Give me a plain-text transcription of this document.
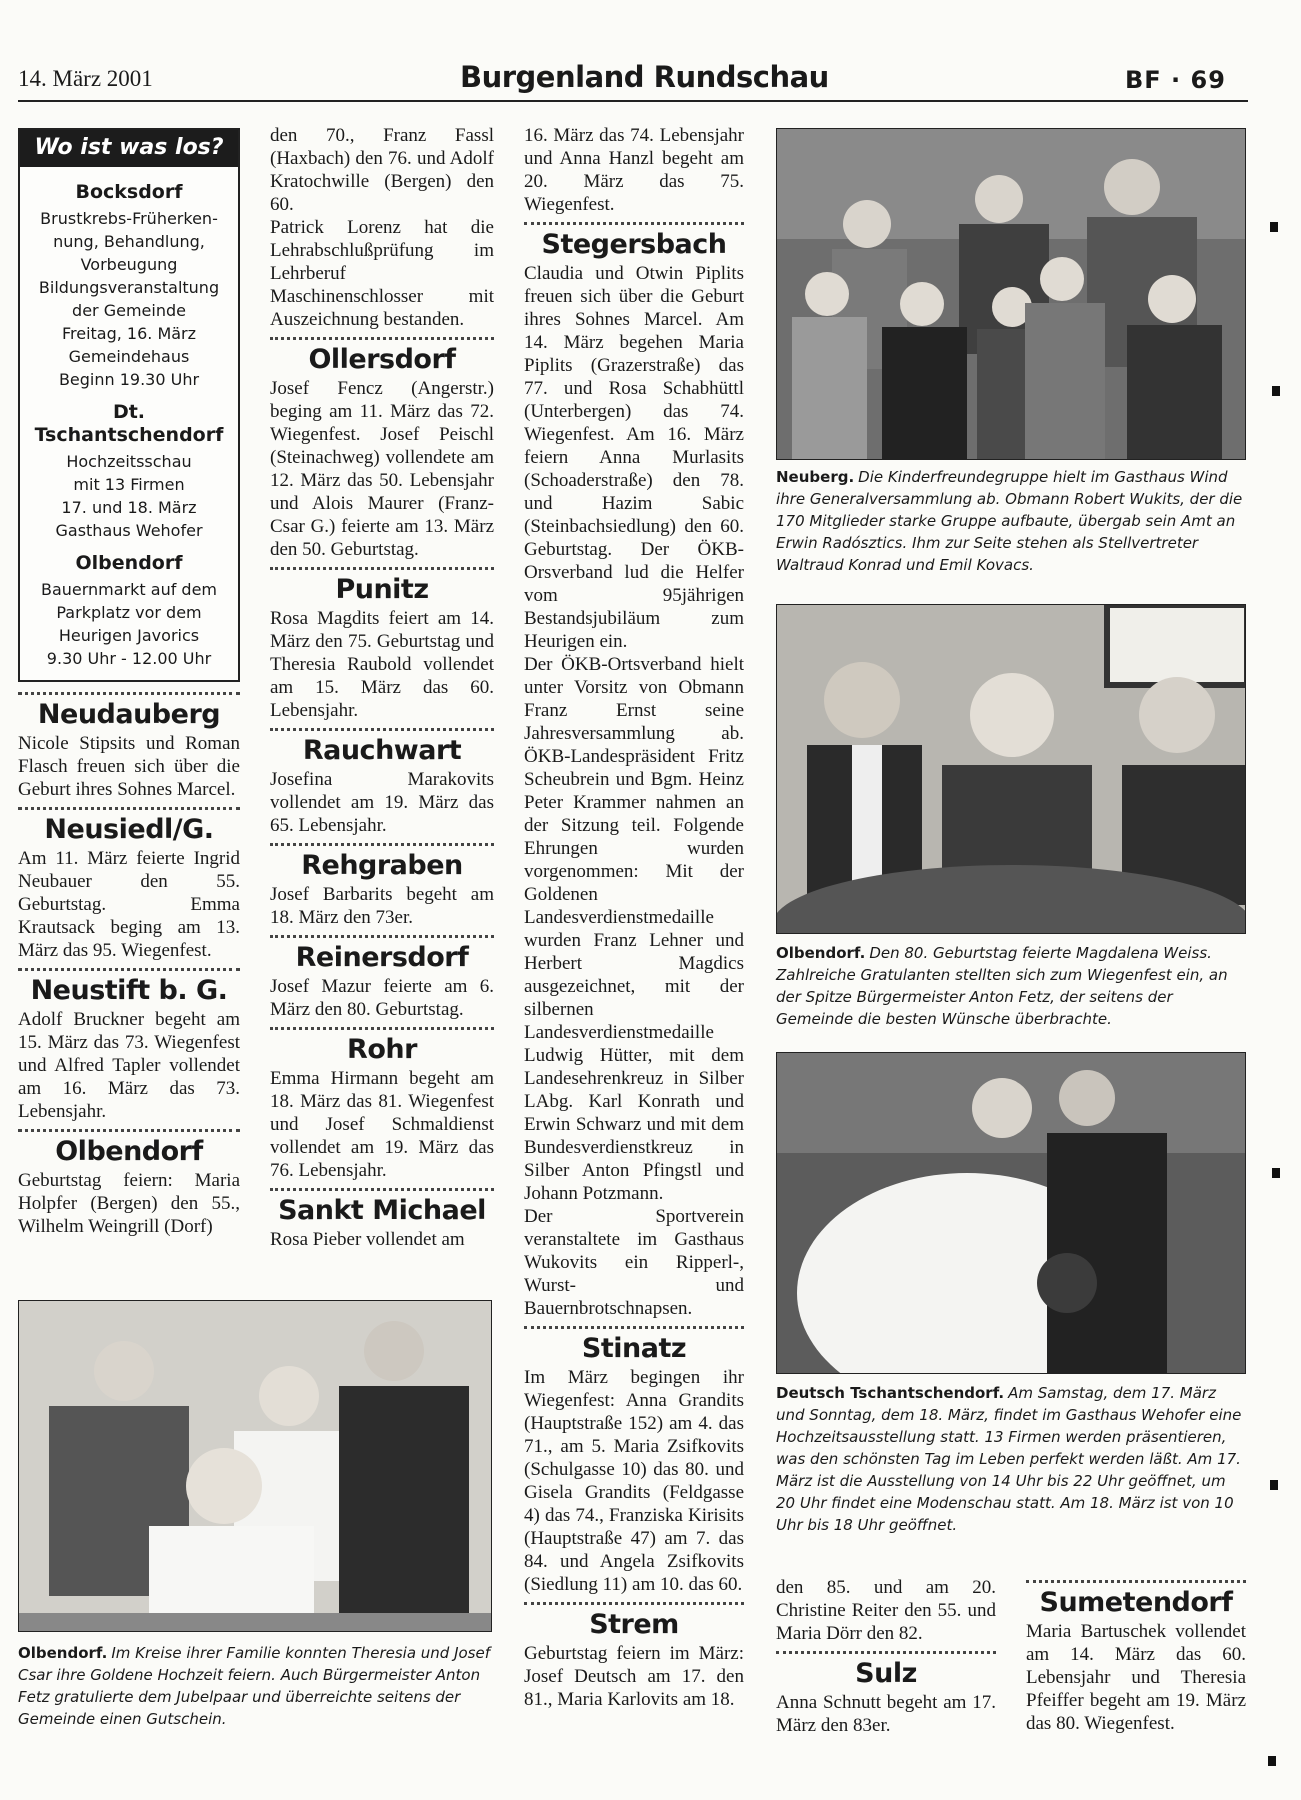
14. März 2001	Burgenland Rundschau	BF · 69
Wo ist was los?
Bocksdorf
Brustkrebs-Früherken-
nung, Behandlung,
Vorbeugung
Bildungsveranstaltung
der Gemeinde
Freitag, 16. März
Gemeindehaus
Beginn 19.30 Uhr
Dt. Tschantschendorf
Hochzeitsschau
mit 13 Firmen
17. und 18. März
Gasthaus Wehofer
Olbendorf
Bauernmarkt auf dem
Parkplatz vor dem
Heurigen Javorics
9.30 Uhr - 12.00 Uhr
Neudauberg

Nicole Stipsits und Roman Flasch freuen sich über die Geburt ihres Sohnes Marcel.

Neusiedl/G.

Am 11. März feierte Ingrid Neubauer den 55. Geburtstag. Emma Krautsack beging am 13. März das 95. Wiegenfest.

Neustift b. G.

Adolf Bruckner begeht am 15. März das 73. Wiegenfest und Alfred Tapler vollendet am 16. März das 73. Lebensjahr.

Olbendorf

Geburtstag feiern: Maria Holpfer (Bergen) den 55., Wilhelm Weingrill (Dorf)

den 70., Franz Fassl (Haxbach) den 76. und Adolf Kratochwille (Bergen) den 60.

Patrick Lorenz hat die Lehrabschlußprüfung im Lehrberuf Maschinenschlosser mit Auszeichnung bestanden.

Ollersdorf

Josef Fencz (Angerstr.) beging am 11. März das 72. Wiegenfest. Josef Peischl (Steinachweg) vollendete am 12. März das 50. Lebensjahr und Alois Maurer (Franz-Csar G.) feierte am 13. März den 50. Geburtstag.

Punitz

Rosa Magdits feiert am 14. März den 75. Geburtstag und Theresia Raubold vollendet am 15. März das 60. Lebensjahr.

Rauchwart

Josefina Marakovits vollendet am 19. März das 65. Lebensjahr.

Rehgraben

Josef Barbarits begeht am 18. März den 73er.

Reinersdorf

Josef Mazur feierte am 6. März den 80. Geburtstag.

Rohr

Emma Hirmann begeht am 18. März das 81. Wiegenfest und Josef Schmaldienst vollendet am 19. März das 76. Lebensjahr.

Sankt Michael

Rosa Pieber vollendet am

16. März das 74. Lebensjahr und Anna Hanzl begeht am 20. März das 75. Wiegenfest.

Stegersbach

Claudia und Otwin Piplits freuen sich über die Geburt ihres Sohnes Marcel. Am 14. März begehen Maria Piplits (Grazerstraße) das 77. und Rosa Schabhüttl (Unterbergen) das 74. Wiegenfest. Am 16. März feiern Anna Murlasits (Schoaderstraße) den 78. und Hazim Sabic (Steinbachsiedlung) den 60. Geburtstag. Der ÖKB-Orsverband lud die Helfer vom 95jährigen Bestandsjubiläum zum Heurigen ein.

Der ÖKB-Ortsverband hielt unter Vorsitz von Obmann Franz Ernst seine Jahresversammlung ab. ÖKB-Landespräsident Fritz Scheubrein und Bgm. Heinz Peter Krammer nahmen an der Sitzung teil. Folgende Ehrungen wurden vorgenommen: Mit der Goldenen Landesverdienstmedaille wurden Franz Lehner und Herbert Magdics ausgezeichnet, mit der silbernen Landesverdienstmedaille Ludwig Hütter, mit dem Landesehrenkreuz in Silber LAbg. Karl Konrath und Erwin Schwarz und mit dem Bundesverdienstkreuz in Silber Anton Pfingstl und Johann Potzmann.

Der Sportverein veranstaltete im Gasthaus Wukovits ein Ripperl-, Wurst- und Bauernbrotschnapsen.

Stinatz

Im März begingen ihr Wiegenfest: Anna Grandits (Hauptstraße 152) am 4. das 71., am 5. Maria Zsifkovits (Schulgasse 10) das 80. und Gisela Grandits (Feldgasse 4) das 74., Franziska Kirisits (Hauptstraße 47) am 7. das 84. und Angela Zsifkovits (Siedlung 11) am 10. das 60.

Strem

Geburtstag feiern im März: Josef Deutsch am 17. den 81., Maria Karlovits am 18.

Neuberg. Die Kinderfreundegruppe hielt im Gasthaus Wind ihre Generalversammlung ab. Obmann Robert Wukits, der die 170 Mitglieder starke Gruppe aufbaute, übergab sein Amt an Erwin Radósztics. Ihm zur Seite stehen als Stellvertreter Waltraud Konrad und Emil Kovacs.
Olbendorf. Den 80. Geburtstag feierte Magdalena Weiss. Zahlreiche Gratulanten stellten sich zum Wiegenfest ein, an der Spitze Bürgermeister Anton Fetz, der seitens der Gemeinde die besten Wünsche überbrachte.
Deutsch Tschantschendorf. Am Samstag, dem 17. März und Sonntag, dem 18. März, findet im Gasthaus Wehofer eine Hochzeitsausstellung statt. 13 Firmen werden präsentieren, was den schönsten Tag im Leben perfekt werden läßt. Am 17. März ist die Ausstellung von 14 Uhr bis 22 Uhr geöffnet, um 20 Uhr findet eine Modenschau statt. Am 18. März ist von 10 Uhr bis 18 Uhr geöffnet.

den 85. und am 20. Christine Reiter den 55. und Maria Dörr den 82.

Sulz

Anna Schnutt begeht am 17. März den 83er.

Sumetendorf

Maria Bartuschek vollendet am 14. März das 60. Lebensjahr und Theresia Pfeiffer begeht am 19. März das 80. Wiegenfest.

Olbendorf. Im Kreise ihrer Familie konnten Theresia und Josef Csar ihre Goldene Hochzeit feiern. Auch Bürgermeister Anton Fetz gratulierte dem Jubelpaar und überreichte seitens der Gemeinde einen Gutschein.
